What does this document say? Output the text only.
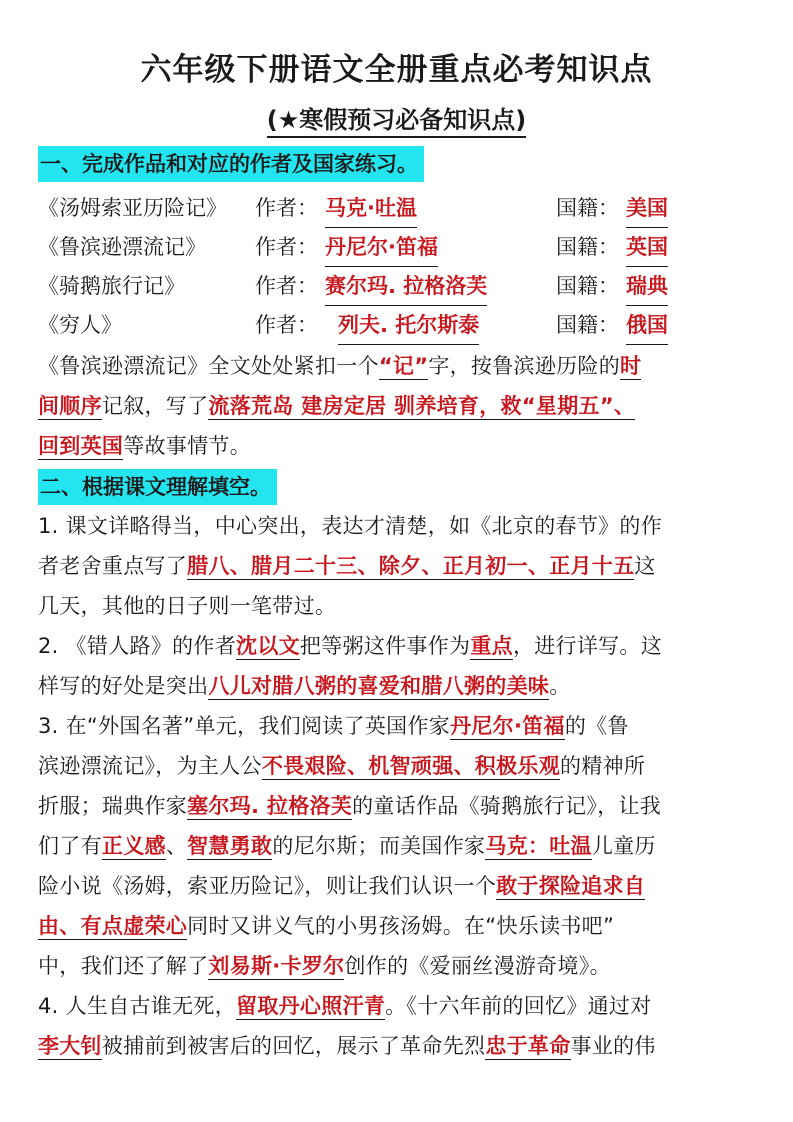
六年级下册语文全册重点必考知识点
(★寒假预习必备知识点)
一、完成作品和对应的作者及国家练习。
《汤姆索亚历险记》 作者： 马克·吐温	国籍： 美国
《鲁滨逊漂流记》 作者： 丹尼尔·笛福	国籍： 英国
《骑鹅旅行记》	作者： 赛尔玛. 拉格洛芙	国籍： 瑞典
《穷人》	作者： 列夫. 托尔斯泰	国籍： 俄国
《鲁滨逊漂流记》全文处处紧扣一个“记”字，按鲁滨逊历险的时
间顺序记叙，写了流落荒岛 建房定居 驯养培育，救“星期五”、
回到英国等故事情节。
二、根据课文理解填空。
1. 课文详略得当，中心突出，表达才清楚，如《北京的春节》的作
者老舍重点写了腊八、腊月二十三、除夕、正月初一、正月十五这
几天，其他的日子则一笔带过。
2. 《错人路》的作者沈以文把等粥这件事作为重点，进行详写。这
样写的好处是突出八儿对腊八粥的喜爱和腊八粥的美味。
3. 在“外国名著”单元，我们阅读了英国作家丹尼尔·笛福的《鲁
滨逊漂流记》，为主人公不畏艰险、机智顽强、积极乐观的精神所
折服；瑞典作家塞尔玛. 拉格洛芙的童话作品《骑鹅旅行记》，让我
们了有正义感、智慧勇敢的尼尔斯；而美国作家马克：吐温儿童历
险小说《汤姆，索亚历险记》，则让我们认识一个敢于探险追求自
由、有点虚荣心同时又讲义气的小男孩汤姆。在“快乐读书吧”
中，我们还了解了刘易斯·卡罗尔创作的《爱丽丝漫游奇境》。
4. 人生自古谁无死，留取丹心照汗青。《十六年前的回忆》通过对
李大钊被捕前到被害后的回忆，展示了革命先烈忠于革命事业的伟
